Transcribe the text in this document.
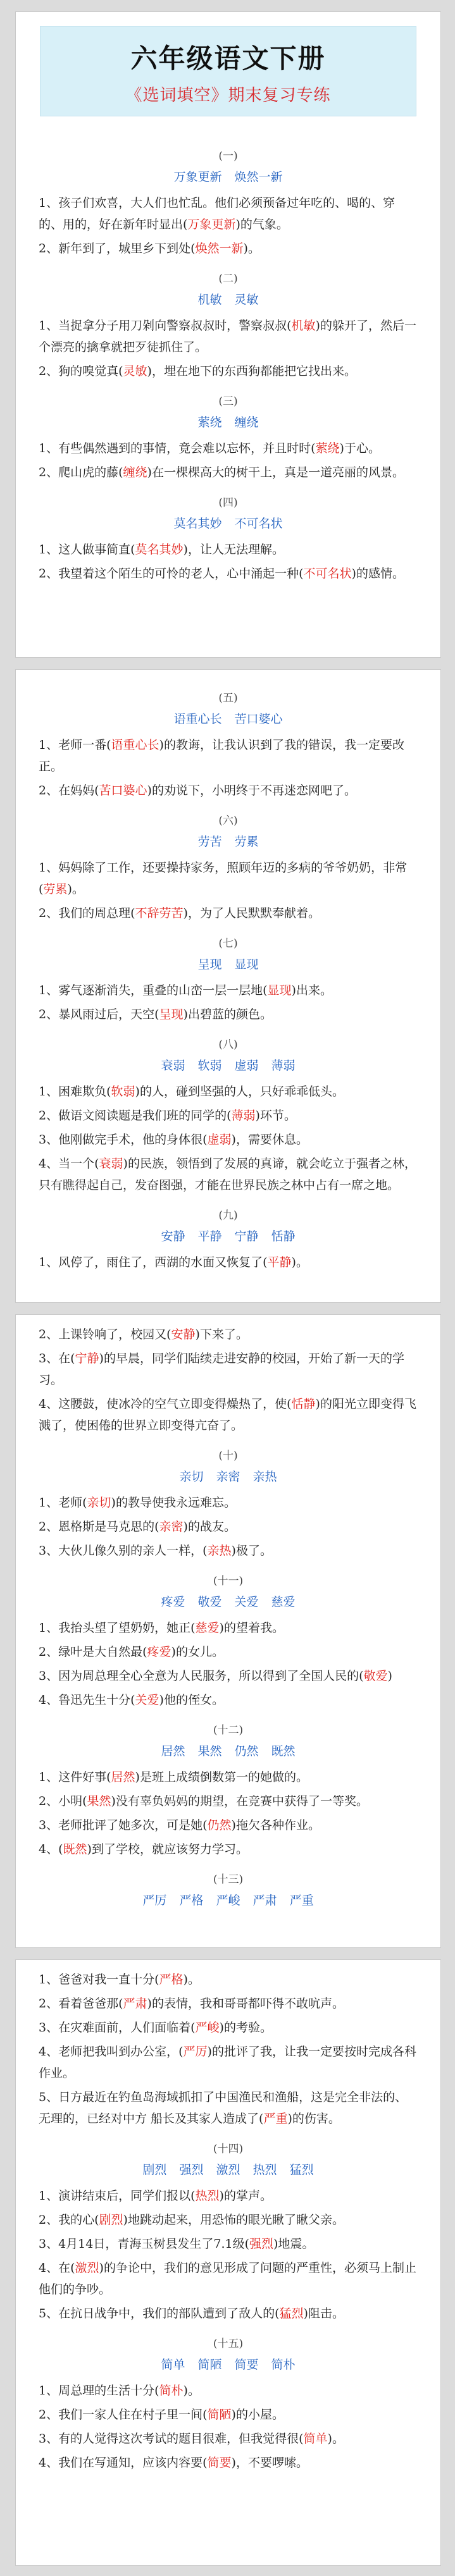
六年级语文下册
《选词填空》期末复习专练
(一)
万象更新 焕然一新

1、孩子们欢喜，大人们也忙乱。他们必须预备过年吃的、喝的、穿的、用的，好在新年时显出(万象更新)的气象。

2、新年到了，城里乡下到处(焕然一新)。

(二)
机敏 灵敏

1、当捉拿分子用刀剁向警察叔叔时，警察叔叔(机敏)的躲开了，然后一个漂亮的擒拿就把歹徒抓住了。

2、狗的嗅觉真(灵敏)，埋在地下的东西狗都能把它找出来。

(三)
萦绕 缠绕

1、有些偶然遇到的事情，竟会难以忘怀，并且时时(萦绕)于心。

2、爬山虎的藤(缠绕)在一棵棵高大的树干上，真是一道亮丽的风景。

(四)
莫名其妙 不可名状

1、这人做事简直(莫名其妙)，让人无法理解。

2、我望着这个陌生的可怜的老人，心中涌起一种(不可名状)的感情。

(五)
语重心长 苦口婆心

1、老师一番(语重心长)的教诲，让我认识到了我的错误，我一定要改正。

2、在妈妈(苦口婆心)的劝说下，小明终于不再迷恋网吧了。

(六)
劳苦 劳累

1、妈妈除了工作，还要操持家务，照顾年迈的多病的爷爷奶奶，非常(劳累)。

2、我们的周总理(不辞劳苦)，为了人民默默奉献着。

(七)
呈现 显现

1、雾气逐渐消失，重叠的山峦一层一层地(显现)出来。

2、暴风雨过后，天空(呈现)出碧蓝的颜色。

(八)
衰弱 软弱 虚弱 薄弱

1、困难欺负(软弱)的人，碰到坚强的人，只好乖乖低头。

2、做语文阅读题是我们班的同学的(薄弱)环节。

3、他刚做完手术，他的身体很(虚弱)，需要休息。

4、当一个(衰弱)的民族，领悟到了发展的真谛，就会屹立于强者之林，只有瞧得起自己，发奋图强，才能在世界民族之林中占有一席之地。

(九)
安静 平静 宁静 恬静

1、风停了，雨住了，西湖的水面又恢复了(平静)。

2、上课铃响了，校园又(安静)下来了。

3、在(宁静)的早晨，同学们陆续走进安静的校园，开始了新一天的学习。

4、这腰鼓，使冰冷的空气立即变得燥热了，使(恬静)的阳光立即变得飞溅了，使困倦的世界立即变得亢奋了。

(十)
亲切 亲密 亲热

1、老师(亲切)的教导使我永远难忘。

2、恩格斯是马克思的(亲密)的战友。

3、大伙儿像久别的亲人一样，(亲热)极了。

(十一)
疼爱 敬爱 关爱 慈爱

1、我抬头望了望奶奶，她正(慈爱)的望着我。

2、绿叶是大自然最(疼爱)的女儿。

3、因为周总理全心全意为人民服务，所以得到了全国人民的(敬爱)

4、鲁迅先生十分(关爱)他的侄女。

(十二)
居然 果然 仍然 既然

1、这件好事(居然)是班上成绩倒数第一的她做的。

2、小明(果然)没有辜负妈妈的期望，在竞赛中获得了一等奖。

3、老师批评了她多次，可是她(仍然)拖欠各种作业。

4、(既然)到了学校，就应该努力学习。

(十三)
严厉 严格 严峻 严肃 严重

1、爸爸对我一直十分(严格)。

2、看着爸爸那(严肃)的表情，我和哥哥都吓得不敢吭声。

3、在灾难面前，人们面临着(严峻)的考验。

4、老师把我叫到办公室，(严厉)的批评了我，让我一定要按时完成各科作业。

5、日方最近在钓鱼岛海域抓扣了中国渔民和渔船，这是完全非法的、无理的，已经对中方 船长及其家人造成了(严重)的伤害。

(十四)
剧烈 强烈 激烈 热烈 猛烈

1、演讲结束后，同学们报以(热烈)的掌声。

2、我的心(剧烈)地跳动起来，用恐怖的眼光瞅了瞅父亲。

3、4月14日，青海玉树县发生了7.1级(强烈)地震。

4、在(激烈)的争论中，我们的意见形成了问题的严重性，必须马上制止他们的争吵。

5、在抗日战争中，我们的部队遭到了敌人的(猛烈)阻击。

(十五)
简单 简陋 简要 简朴

1、周总理的生活十分(简朴)。

2、我们一家人住在村子里一间(简陋)的小屋。

3、有的人觉得这次考试的题目很难，但我觉得很(简单)。

4、我们在写通知，应该内容要(简要)，不要啰嗦。
